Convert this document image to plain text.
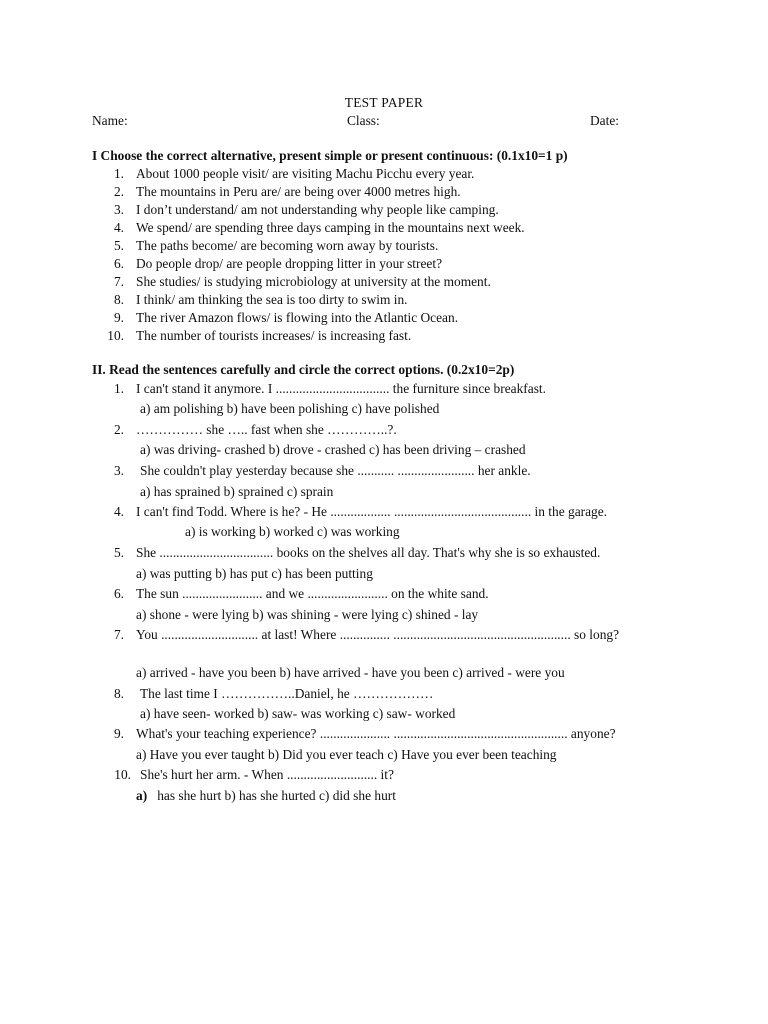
TEST PAPER
Name:	Class:	Date:
I Choose the correct alternative, present simple or present continuous: (0.1x10=1 p)
1. About 1000 people visit/ are visiting Machu Picchu every year.
2. The mountains in Peru are/ are being over 4000 metres high.
3. I don’t understand/ am not understanding why people like camping.
4. We spend/ are spending three days camping in the mountains next week.
5. The paths become/ are becoming worn away by tourists.
6. Do people drop/ are people dropping litter in your street?
7. She studies/ is studying microbiology at university at the moment.
8. I think/ am thinking the sea is too dirty to swim in.
9. The river Amazon flows/ is flowing into the Atlantic Ocean.
10. The number of tourists increases/ is increasing fast.
II. Read the sentences carefully and circle the correct options. (0.2x10=2p)
1. I can't stand it anymore. I .................................. the furniture since breakfast.
a) am polishing b) have been polishing c) have polished
2. …………… she ….. fast when she …………..?.
a) was driving- crashed b) drove - crashed c) has been driving – crashed
3. She couldn't play yesterday because she ........... ....................... her ankle.
a) has sprained b) sprained c) sprain
4. I can't find Todd. Where is he? - He .................. ......................................... in the garage.
a) is working b) worked c) was working
5. She .................................. books on the shelves all day. That's why she is so exhausted.
a) was putting b) has put c) has been putting
6. The sun ........................ and we ........................ on the white sand.
a) shone - were lying b) was shining - were lying c) shined - lay
7. You ............................. at last! Where ............... ..................................................... so long?
a) arrived - have you been b) have arrived - have you been c) arrived - were you
8. The last time I ……………..Daniel, he ………………
a) have seen- worked b) saw- was working c) saw- worked
9. What's your teaching experience? ..................... .................................................... anyone?
a) Have you ever taught b) Did you ever teach c) Have you ever been teaching
10. She's hurt her arm. - When ........................... it?
a) has she hurt b) has she hurted c) did she hurt
